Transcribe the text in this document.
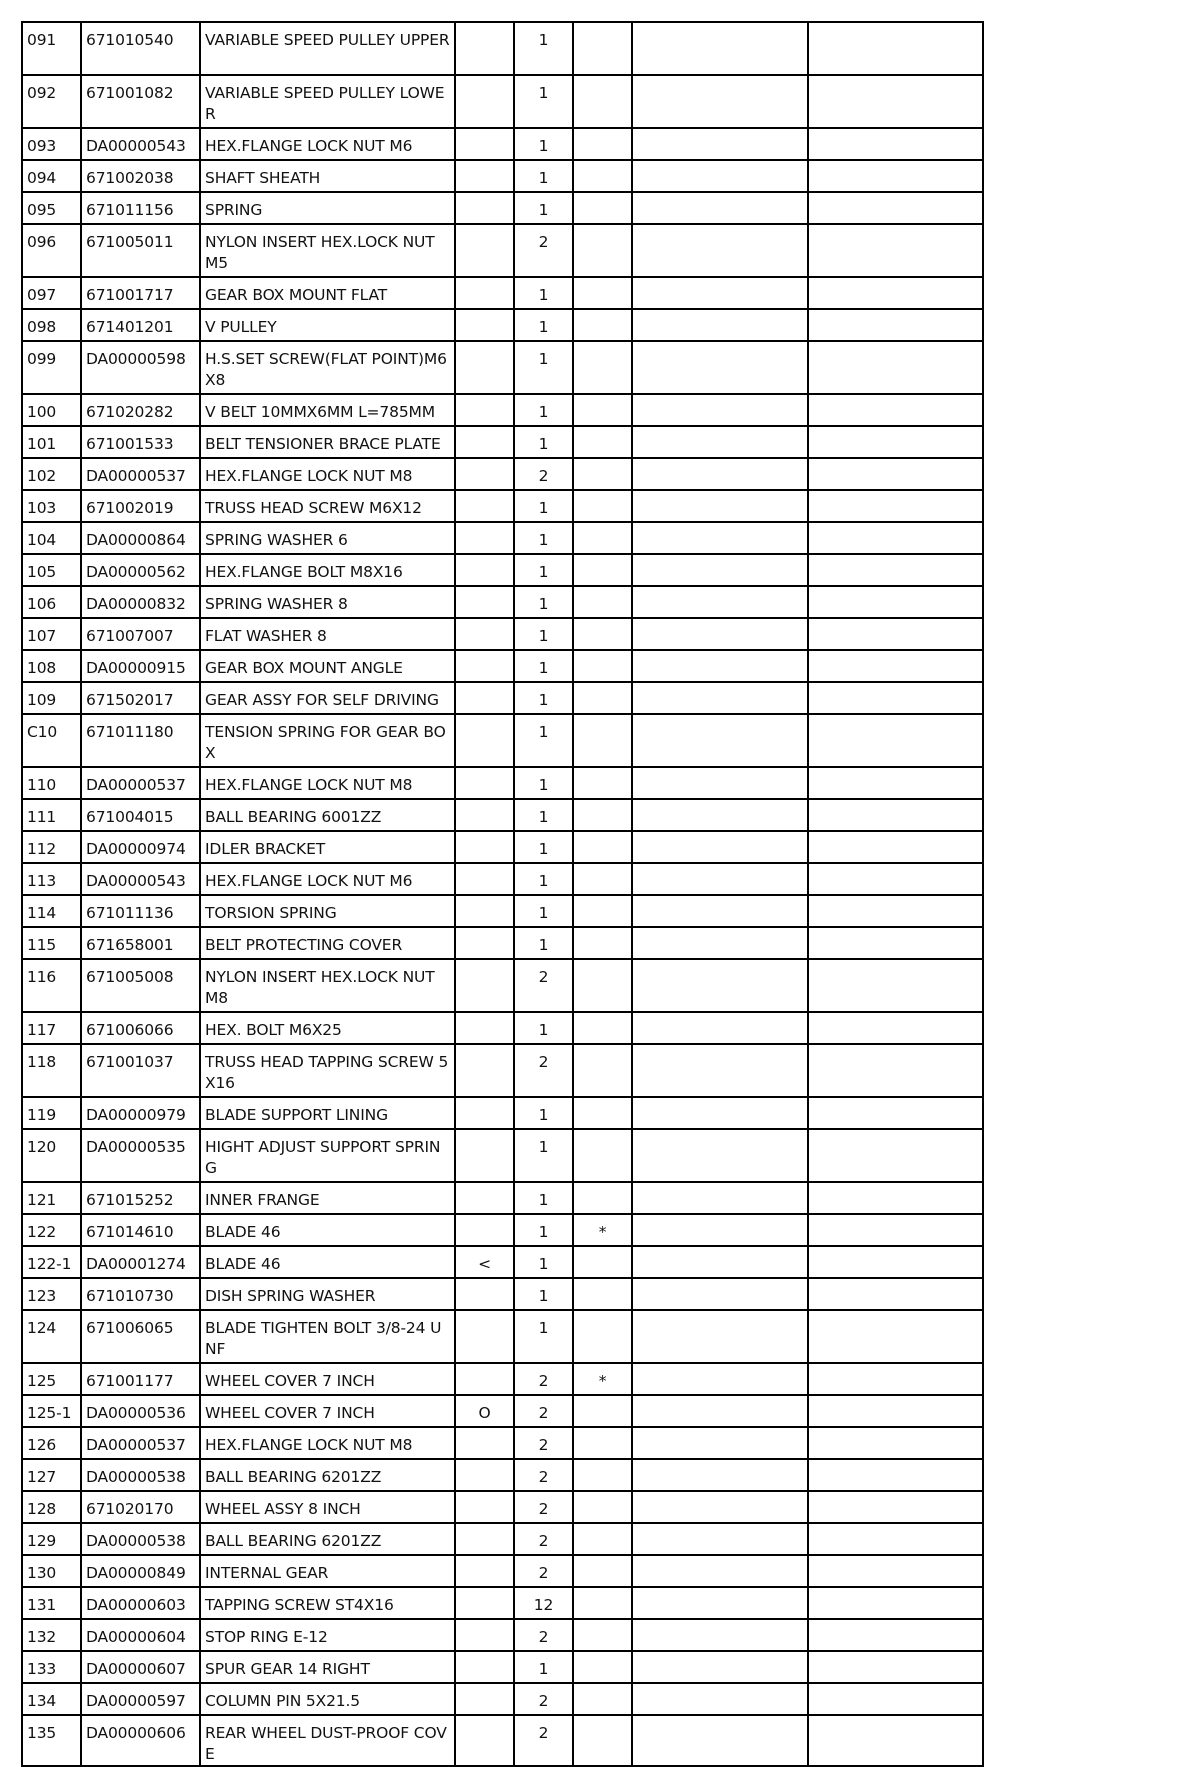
091	671010540	VARIABLE SPEED PULLEY UPPER		1			
092	671001082	VARIABLE SPEED PULLEY LOWER		1			
093	DA00000543	HEX.FLANGE LOCK NUT M6		1			
094	671002038	SHAFT SHEATH		1			
095	671011156	SPRING		1			
096	671005011	NYLON INSERT HEX.LOCK NUT M5		2			
097	671001717	GEAR BOX MOUNT FLAT		1			
098	671401201	V PULLEY		1			
099	DA00000598	H.S.SET SCREW(FLAT POINT)M6X8		1			
100	671020282	V BELT 10MMX6MM L=785MM		1			
101	671001533	BELT TENSIONER BRACE PLATE		1			
102	DA00000537	HEX.FLANGE LOCK NUT M8		2			
103	671002019	TRUSS HEAD SCREW M6X12		1			
104	DA00000864	SPRING WASHER 6		1			
105	DA00000562	HEX.FLANGE BOLT M8X16		1			
106	DA00000832	SPRING WASHER 8		1			
107	671007007	FLAT WASHER 8		1			
108	DA00000915	GEAR BOX MOUNT ANGLE		1			
109	671502017	GEAR ASSY FOR SELF DRIVING		1			
C10	671011180	TENSION SPRING FOR GEAR BOX		1			
110	DA00000537	HEX.FLANGE LOCK NUT M8		1			
111	671004015	BALL BEARING 6001ZZ		1			
112	DA00000974	IDLER BRACKET		1			
113	DA00000543	HEX.FLANGE LOCK NUT M6		1			
114	671011136	TORSION SPRING		1			
115	671658001	BELT PROTECTING COVER		1			
116	671005008	NYLON INSERT HEX.LOCK NUT M8		2			
117	671006066	HEX. BOLT M6X25		1			
118	671001037	TRUSS HEAD TAPPING SCREW 5X16		2			
119	DA00000979	BLADE SUPPORT LINING		1			
120	DA00000535	HIGHT ADJUST SUPPORT SPRING		1			
121	671015252	INNER FRANGE		1			
122	671014610	BLADE 46		1	*		
122-1	DA00001274	BLADE 46	<	1			
123	671010730	DISH SPRING WASHER		1			
124	671006065	BLADE TIGHTEN BOLT 3/8-24 UNF		1			
125	671001177	WHEEL COVER 7 INCH		2	*		
125-1	DA00000536	WHEEL COVER 7 INCH	O	2			
126	DA00000537	HEX.FLANGE LOCK NUT M8		2			
127	DA00000538	BALL BEARING 6201ZZ		2			
128	671020170	WHEEL ASSY 8 INCH		2			
129	DA00000538	BALL BEARING 6201ZZ		2			
130	DA00000849	INTERNAL GEAR		2			
131	DA00000603	TAPPING SCREW ST4X16		12			
132	DA00000604	STOP RING E-12		2			
133	DA00000607	SPUR GEAR 14 RIGHT		1			
134	DA00000597	COLUMN PIN 5X21.5		2			
135	DA00000606	REAR WHEEL DUST-PROOF COVE		2			
